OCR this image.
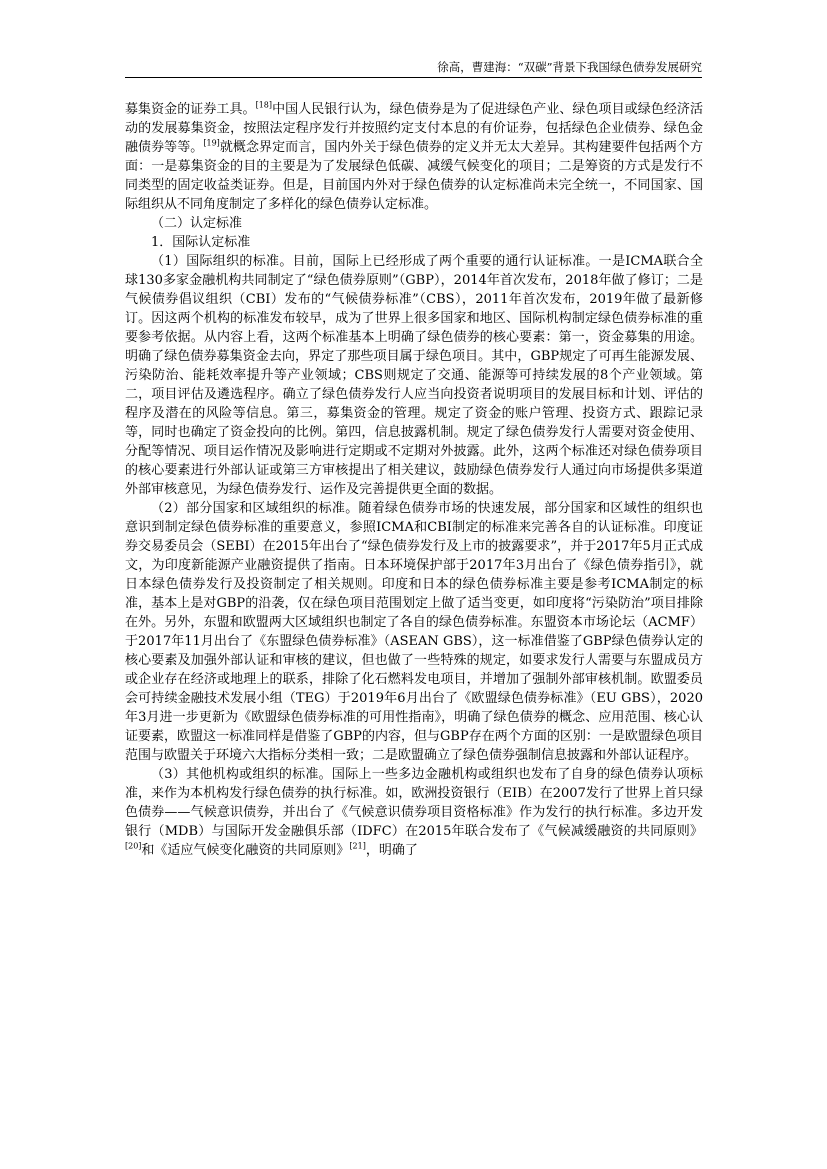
徐高，曹建海：“双碳”背景下我国绿色债券发展研究

募集资金的证券工具。[18]中国人民银行认为，绿色债券是为了促进绿色产业、绿色项目或绿色经济活动的发展募集资金，按照法定程序发行并按照约定支付本息的有价证券，包括绿色企业债券、绿色金融债券等等。[19]就概念界定而言，国内外关于绿色债券的定义并无太大差异。其构建要件包括两个方面：一是募集资金的目的主要是为了发展绿色低碳、减缓气候变化的项目；二是筹资的方式是发行不同类型的固定收益类证券。但是，目前国内外对于绿色债券的认定标准尚未完全统一，不同国家、国际组织从不同角度制定了多样化的绿色债券认定标准。

（二）认定标准

1．国际认定标准

（1）国际组织的标准。目前，国际上已经形成了两个重要的通行认证标准。一是ICMA联合全球130多家金融机构共同制定了“绿色债券原则”（GBP），2014年首次发布，2018年做了修订；二是气候债券倡议组织（CBI）发布的“气候债券标准”（CBS），2011年首次发布，2019年做了最新修订。因这两个机构的标准发布较早，成为了世界上很多国家和地区、国际机构制定绿色债券标准的重要参考依据。从内容上看，这两个标准基本上明确了绿色债券的核心要素：第一，资金募集的用途。明确了绿色债券募集资金去向，界定了那些项目属于绿色项目。其中，GBP规定了可再生能源发展、污染防治、能耗效率提升等产业领域；CBS则规定了交通、能源等可持续发展的8个产业领域。第二，项目评估及遴选程序。确立了绿色债券发行人应当向投资者说明项目的发展目标和计划、评估的程序及潜在的风险等信息。第三，募集资金的管理。规定了资金的账户管理、投资方式、跟踪记录等，同时也确定了资金投向的比例。第四，信息披露机制。规定了绿色债券发行人需要对资金使用、分配等情况、项目运作情况及影响进行定期或不定期对外披露。此外，这两个标准还对绿色债券项目的核心要素进行外部认证或第三方审核提出了相关建议，鼓励绿色债券发行人通过向市场提供多渠道外部审核意见，为绿色债券发行、运作及完善提供更全面的数据。

（2）部分国家和区域组织的标准。随着绿色债券市场的快速发展，部分国家和区域性的组织也意识到制定绿色债券标准的重要意义，参照ICMA和CBI制定的标准来完善各自的认证标准。印度证券交易委员会（SEBI）在2015年出台了“绿色债券发行及上市的披露要求”，并于2017年5月正式成文，为印度新能源产业融资提供了指南。日本环境保护部于2017年3月出台了《绿色债券指引》，就日本绿色债券发行及投资制定了相关规则。印度和日本的绿色债券标准主要是参考ICMA制定的标准，基本上是对GBP的沿袭，仅在绿色项目范围划定上做了适当变更，如印度将“污染防治”项目排除在外。另外，东盟和欧盟两大区域组织也制定了各自的绿色债券标准。东盟资本市场论坛（ACMF）于2017年11月出台了《东盟绿色债券标准》（ASEAN GBS），这一标准借鉴了GBP绿色债券认定的核心要素及加强外部认证和审核的建议，但也做了一些特殊的规定，如要求发行人需要与东盟成员方或企业存在经济或地理上的联系，排除了化石燃料发电项目，并增加了强制外部审核机制。欧盟委员会可持续金融技术发展小组（TEG）于2019年6月出台了《欧盟绿色债券标准》（EU GBS），2020年3月进一步更新为《欧盟绿色债券标准的可用性指南》，明确了绿色债券的概念、应用范围、核心认证要素，欧盟这一标准同样是借鉴了GBP的内容，但与GBP存在两个方面的区别：一是欧盟绿色项目范围与欧盟关于环境六大指标分类相一致；二是欧盟确立了绿色债券强制信息披露和外部认证程序。

（3）其他机构或组织的标准。国际上一些多边金融机构或组织也发布了自身的绿色债券认项标准，来作为本机构发行绿色债券的执行标准。如，欧洲投资银行（EIB）在2007发行了世界上首只绿色债券——气候意识债券，并出台了《气候意识债券项目资格标准》作为发行的执行标准。多边开发银行（MDB）与国际开发金融俱乐部（IDFC）在2015年联合发布了《气候减缓融资的共同原则》[20]和《适应气候变化融资的共同原则》[21]，明确了
